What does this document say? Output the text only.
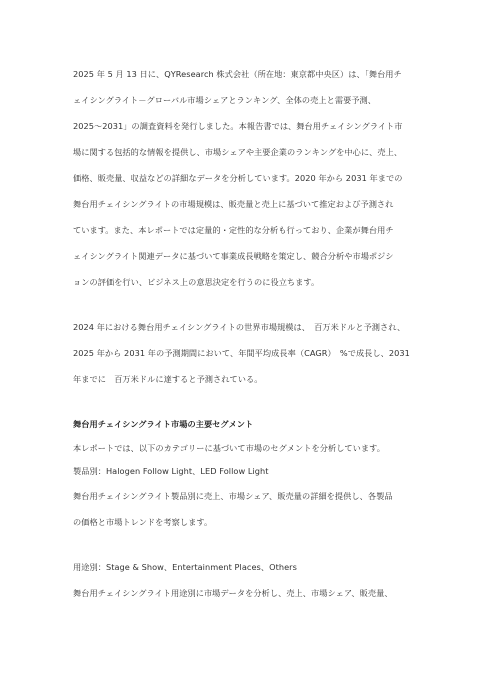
2025 年 5 月 13 日に、QYResearch 株式会社（所在地：東京都中央区）は、「舞台用チ
ェイシングライト－グローバル市場シェアとランキング、全体の売上と需要予測、
2025～2031」の調査資料を発行しました。本報告書では、舞台用チェイシングライト市
場に関する包括的な情報を提供し、市場シェアや主要企業のランキングを中心に、売上、
価格、販売量、収益などの詳細なデータを分析しています。2020 年から 2031 年までの
舞台用チェイシングライトの市場規模は、販売量と売上に基づいて推定および予測され
ています。また、本レポートでは定量的・定性的な分析も行っており、企業が舞台用チ
ェイシングライト関連データに基づいて事業成長戦略を策定し、競合分析や市場ポジシ
ョンの評価を行い、ビジネス上の意思決定を行うのに役立ちます。
2024 年における舞台用チェイシングライトの世界市場規模は、　百万米ドルと予測され、
2025 年から 2031 年の予測期間において、年間平均成長率（CAGR）　%で成長し、2031
年までに　百万米ドルに達すると予測されている。
舞台用チェイシングライト市場の主要セグメント
本レポートでは、以下のカテゴリーに基づいて市場のセグメントを分析しています。
製品別：Halogen Follow Light、LED Follow Light
舞台用チェイシングライト製品別に売上、市場シェア、販売量の詳細を提供し、各製品
の価格と市場トレンドを考察します。
用途別：Stage & Show、Entertainment Places、Others
舞台用チェイシングライト用途別に市場データを分析し、売上、市場シェア、販売量、
